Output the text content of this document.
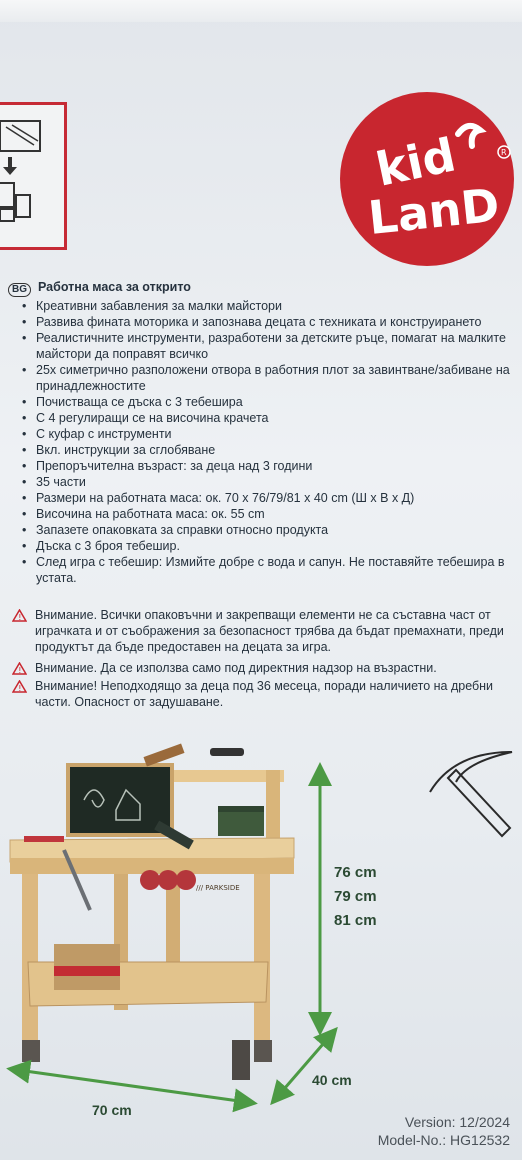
kid
LanD
R
BG Работна маса за открито
• Креативни забавления за малки майстори
• Развива фината моторика и запознава децата с техниката и конструирането
• Реалистичните инструменти, разработени за детските ръце, помагат на малките майстори да поправят всичко
• 25х симетрично разположени отвора в работния плот за завинтване/забиване на принадлежностите
• Почистваща се дъска с 3 тебешира
• С 4 регулиращи се на височина крачета
• С куфар с инструменти
• Вкл. инструкции за сглобяване
• Препоръчителна възраст: за деца над 3 години
• 35 части
• Размери на работната маса: ок. 70 x 76/79/81 x 40 cm (Ш x В x Д)
• Височина на работната маса: ок. 55 cm
• Запазете опаковката за справки относно продукта
• Дъска с 3 броя тебешир.
• След игра с тебешир: Измийте добре с вода и сапун. Не поставяйте тебешира в устата.
!	Внимание. Всички опаковъчни и закрепващи елементи не са съставна част от играчката и от съображения за безопасност трябва да бъдат премахнати, преди продуктът да бъде предоставен на децата за игра.
!	Внимание. Да се използва само под директния надзор на възрастни.
!	Внимание! Неподходящо за деца под 36 месеца, поради наличието на дребни части. Опасност от задушаване.
/// PARKSIDE
76 cm
79 cm
81 cm
40 cm
70 cm
Version: 12/2024
Model-No.: HG12532
